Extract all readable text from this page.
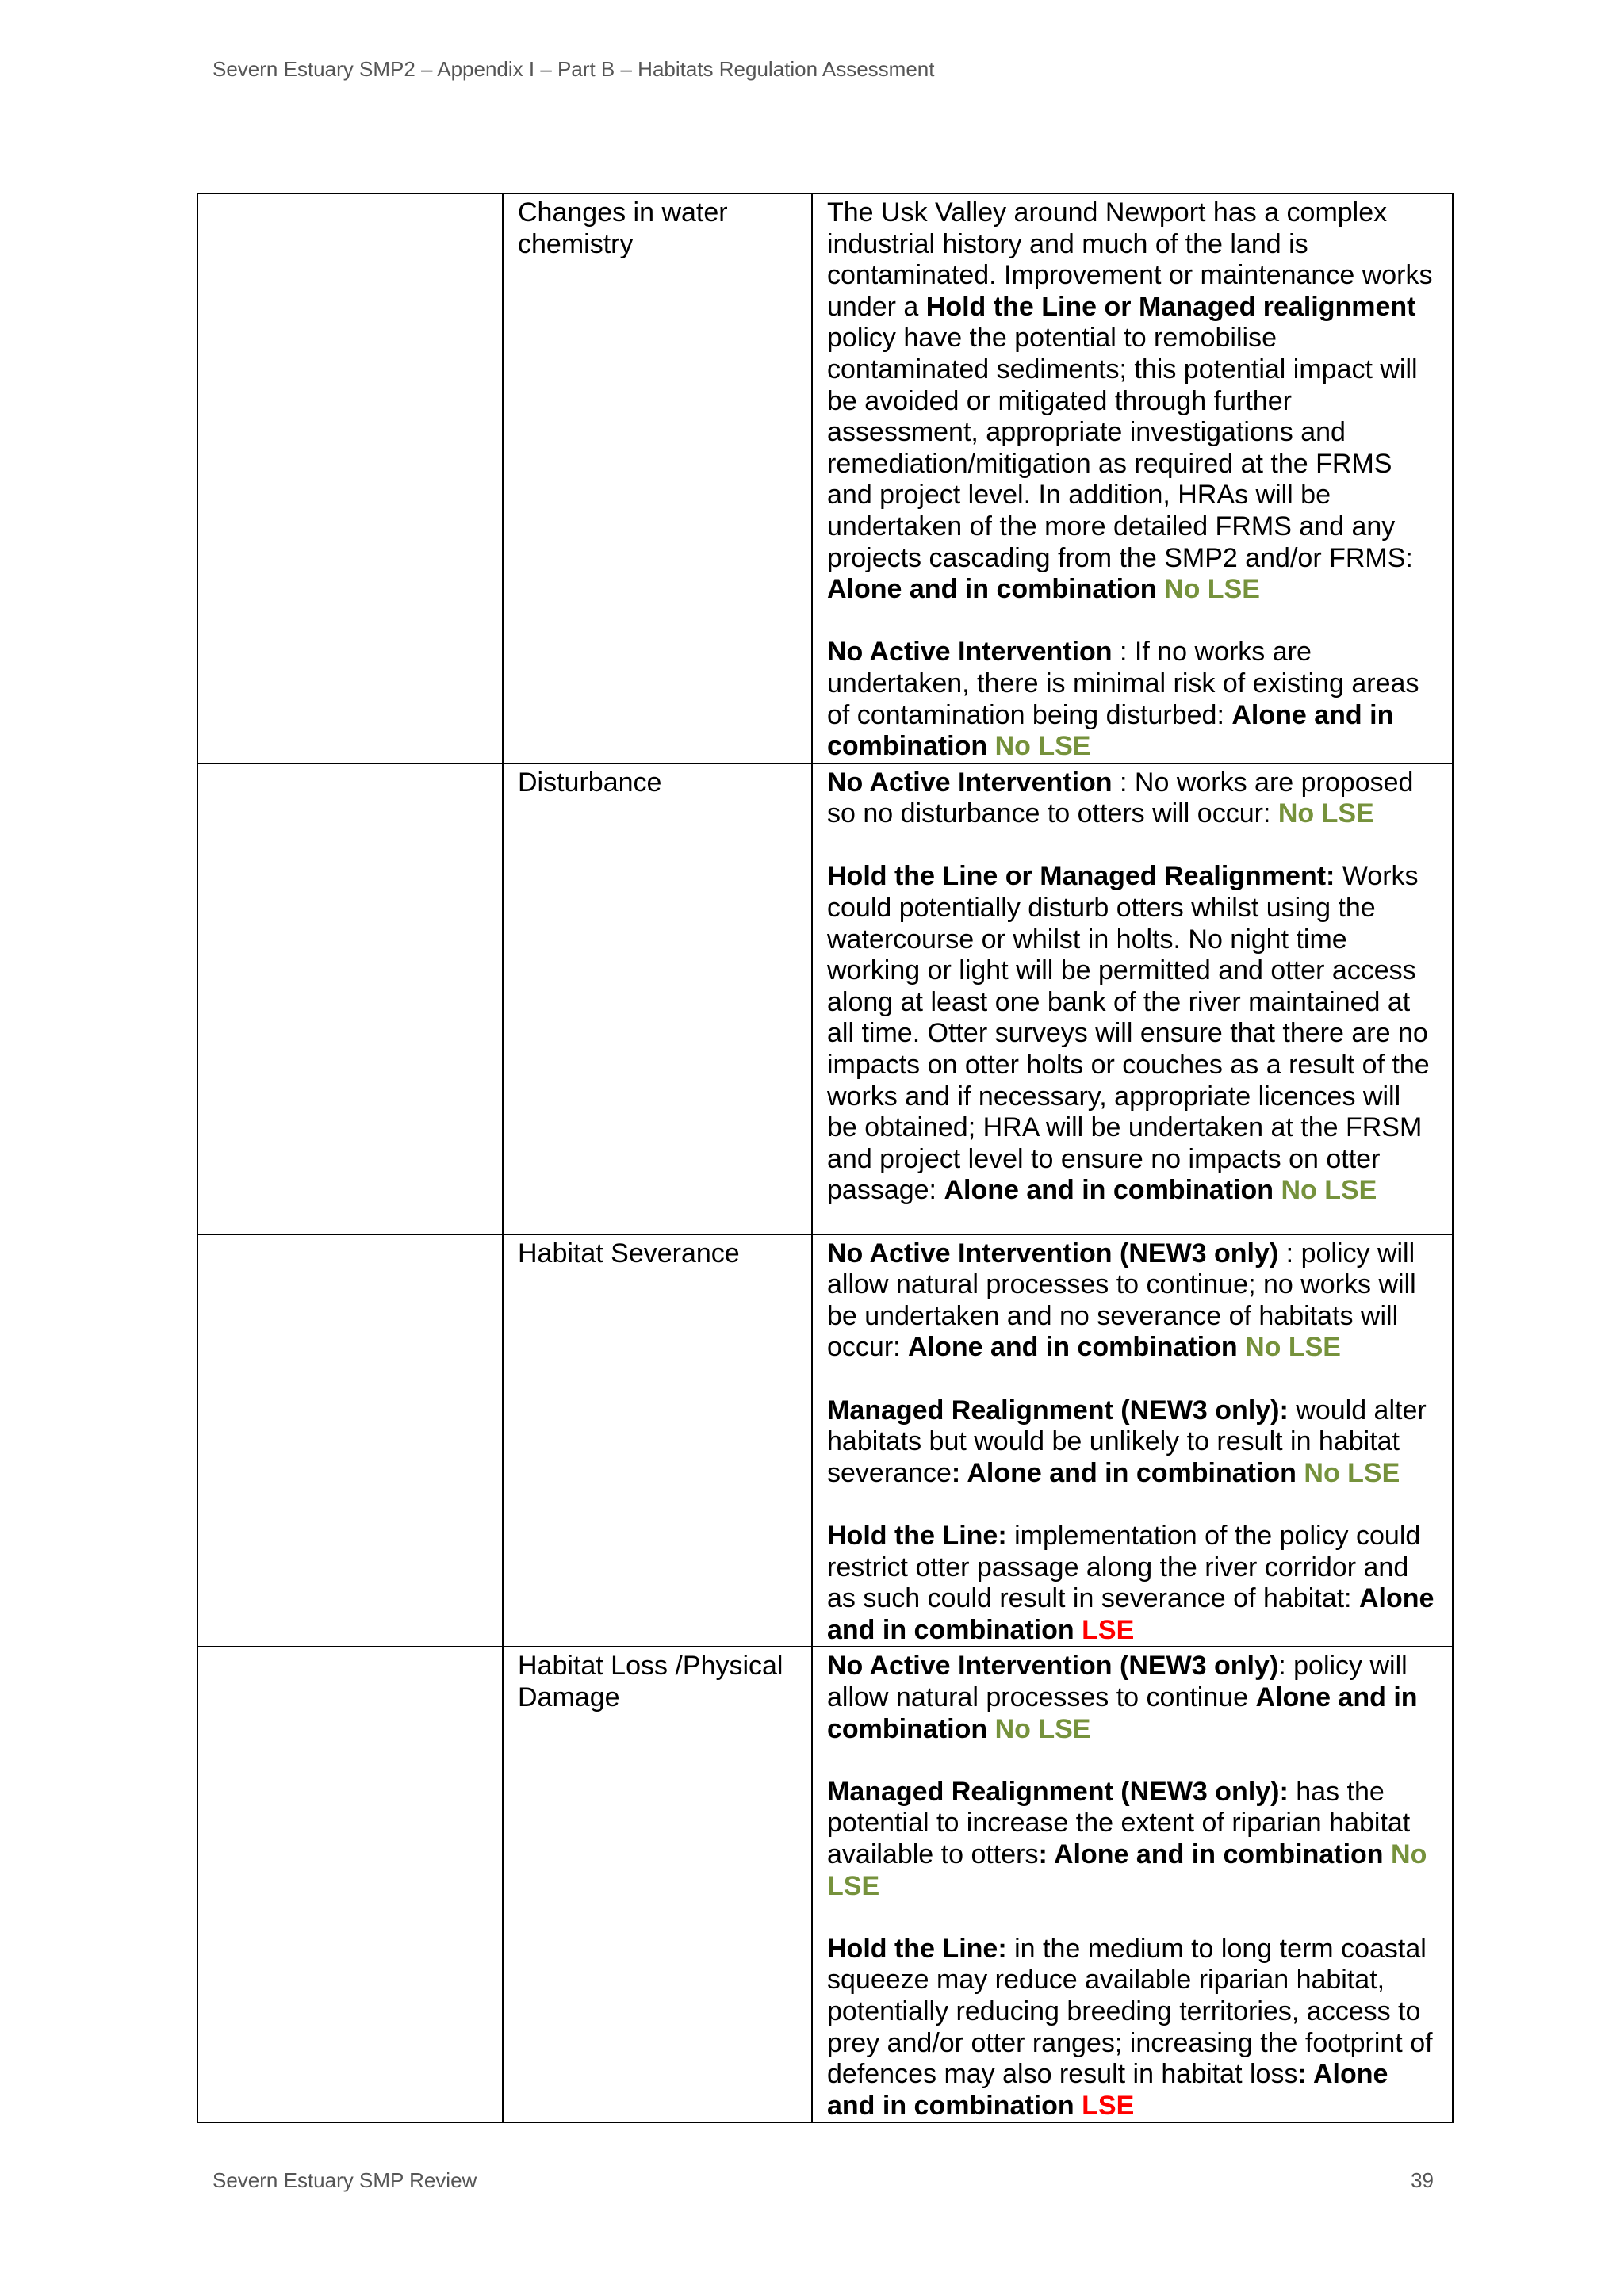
Severn Estuary SMP2 – Appendix I – Part B – Habitats Regulation Assessment
	Changes in water chemistry	The Usk Valley around Newport has a complex industrial history and much of the land is contaminated. Improvement or maintenance works under a Hold the Line or Managed realignment policy have the potential to remobilise contaminated sediments; this potential impact will be avoided or mitigated through further assessment, appropriate investigations and remediation/mitigation as required at the FRMS and project level. In addition, HRAs will be undertaken of the more detailed FRMS and any projects cascading from the SMP2 and/or FRMS: Alone and in combination No LSE

No Active Intervention : If no works are undertaken, there is minimal risk of existing areas of contamination being disturbed: Alone and in combination No LSE

	Disturbance	No Active Intervention : No works are proposed so no disturbance to otters will occur: No LSE

Hold the Line or Managed Realignment: Works could potentially disturb otters whilst using the watercourse or whilst in holts. No night time working or light will be permitted and otter access along at least one bank of the river maintained at all time. Otter surveys will ensure that there are no impacts on otter holts or couches as a result of the works and if necessary, appropriate licences will be obtained; HRA will be undertaken at the FRSM and project level to ensure no impacts on otter passage: Alone and in combination No LSE

	Habitat Severance	No Active Intervention (NEW3 only) : policy will allow natural processes to continue; no works will be undertaken and no severance of habitats will occur: Alone and in combination No LSE

Managed Realignment (NEW3 only): would alter habitats but would be unlikely to result in habitat severance: Alone and in combination No LSE

Hold the Line: implementation of the policy could restrict otter passage along the river corridor and as such could result in severance of habitat: Alone and in combination LSE

	Habitat Loss /Physical Damage	No Active Intervention (NEW3 only): policy will allow natural processes to continue Alone and in combination No LSE

Managed Realignment (NEW3 only): has the potential to increase the extent of riparian habitat available to otters: Alone and in combination No LSE

Hold the Line: in the medium to long term coastal squeeze may reduce available riparian habitat, potentially reducing breeding territories, access to prey and/or otter ranges; increasing the footprint of defences may also result in habitat loss: Alone and in combination LSE

Severn Estuary SMP Review	39
